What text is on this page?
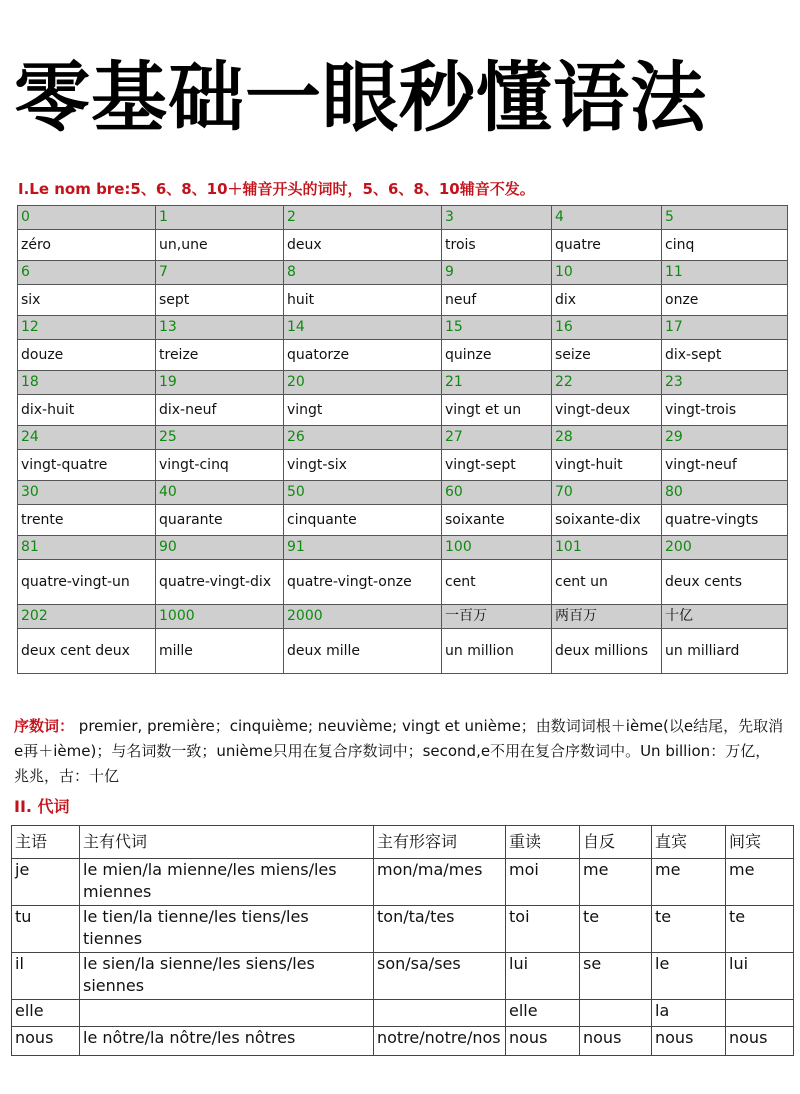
零基础一眼秒懂语法
I.Le nom bre:5、6、8、10＋辅音开头的词时，5、6、8、10辅音不发。
0	1	2	3	4	5
zéro	un,une	deux	trois	quatre	cinq
6	7	8	9	10	11
six	sept	huit	neuf	dix	onze
12	13	14	15	16	17
douze	treize	quatorze	quinze	seize	dix-sept
18	19	20	21	22	23
dix-huit	dix-neuf	vingt	vingt et un	vingt-deux	vingt-trois
24	25	26	27	28	29
vingt-quatre	vingt-cinq	vingt-six	vingt-sept	vingt-huit	vingt-neuf
30	40	50	60	70	80
trente	quarante	cinquante	soixante	soixante-dix	quatre-vingts
81	90	91	100	101	200
quatre-vingt-un	quatre-vingt-dix	quatre-vingt-onze	cent	cent un	deux cents
202	1000	2000	一百万	两百万	十亿
deux cent deux	mille	deux mille	un million	deux millions	un milliard
序数词： premier, première；cinquième; neuvième; vingt et unième；由数词词根＋ième(以e结尾，先取消e再＋ième)；与名词数一致；unième只用在复合序数词中；second,e不用在复合序数词中。Un billion：万亿，兆兆，古：十亿
II. 代词
主语	主有代词	主有形容词	重读	自反	直宾	间宾
je	le mien/la mienne/les miens/les miennes	mon/ma/mes	moi	me	me	me
tu	le tien/la tienne/les tiens/les tiennes	ton/ta/tes	toi	te	te	te
il	le sien/la sienne/les siens/les siennes	son/sa/ses	lui	se	le	lui
elle			elle		la	
nous	le nôtre/la nôtre/les nôtres	notre/notre/nos	nous	nous	nous	nous
